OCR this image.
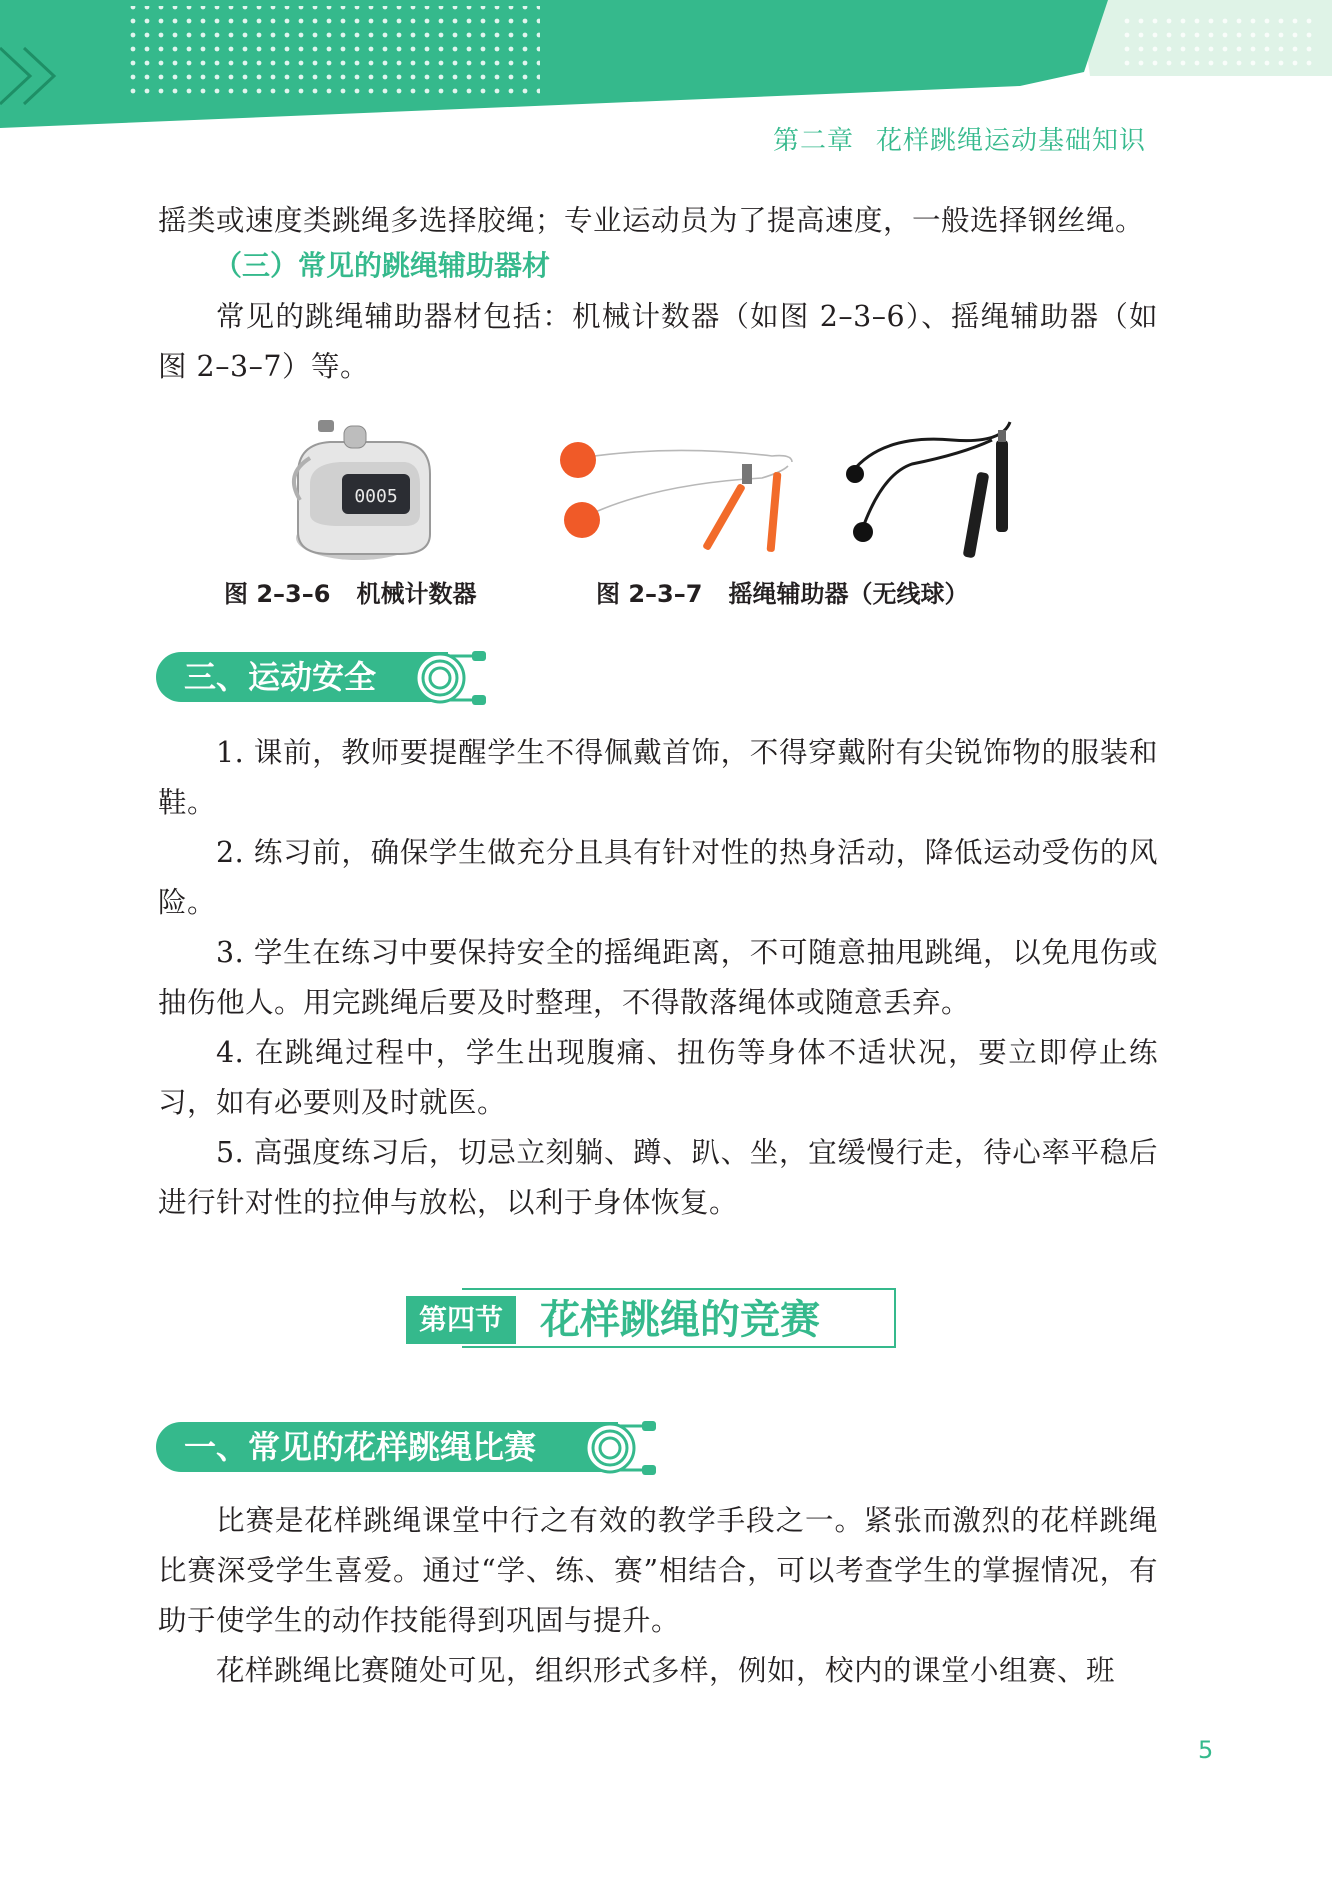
第二章 花样跳绳运动基础知识
摇类或速度类跳绳多选择胶绳；专业运动员为了提高速度，一般选择钢丝绳。
（三）常见的跳绳辅助器材
常见的跳绳辅助器材包括：机械计数器（如图 2–3–6）、摇绳辅助器（如图 2–3–7）等。
0005
图 2–3–6 机械计数器	图 2–3–7 摇绳辅助器（无线球）
三、运动安全
1. 课前，教师要提醒学生不得佩戴首饰，不得穿戴附有尖锐饰物的服装和鞋。
2. 练习前，确保学生做充分且具有针对性的热身活动，降低运动受伤的风险。
3. 学生在练习中要保持安全的摇绳距离，不可随意抽甩跳绳，以免甩伤或抽伤他人。用完跳绳后要及时整理，不得散落绳体或随意丢弃。
4. 在跳绳过程中，学生出现腹痛、扭伤等身体不适状况，要立即停止练习，如有必要则及时就医。
5. 高强度练习后，切忌立刻躺、蹲、趴、坐，宜缓慢行走，待心率平稳后进行针对性的拉伸与放松，以利于身体恢复。
第四节 花样跳绳的竞赛
一、常见的花样跳绳比赛
比赛是花样跳绳课堂中行之有效的教学手段之一。紧张而激烈的花样跳绳比赛深受学生喜爱。通过“学、练、赛”相结合，可以考查学生的掌握情况，有助于使学生的动作技能得到巩固与提升。
花样跳绳比赛随处可见，组织形式多样，例如，校内的课堂小组赛、班
5
